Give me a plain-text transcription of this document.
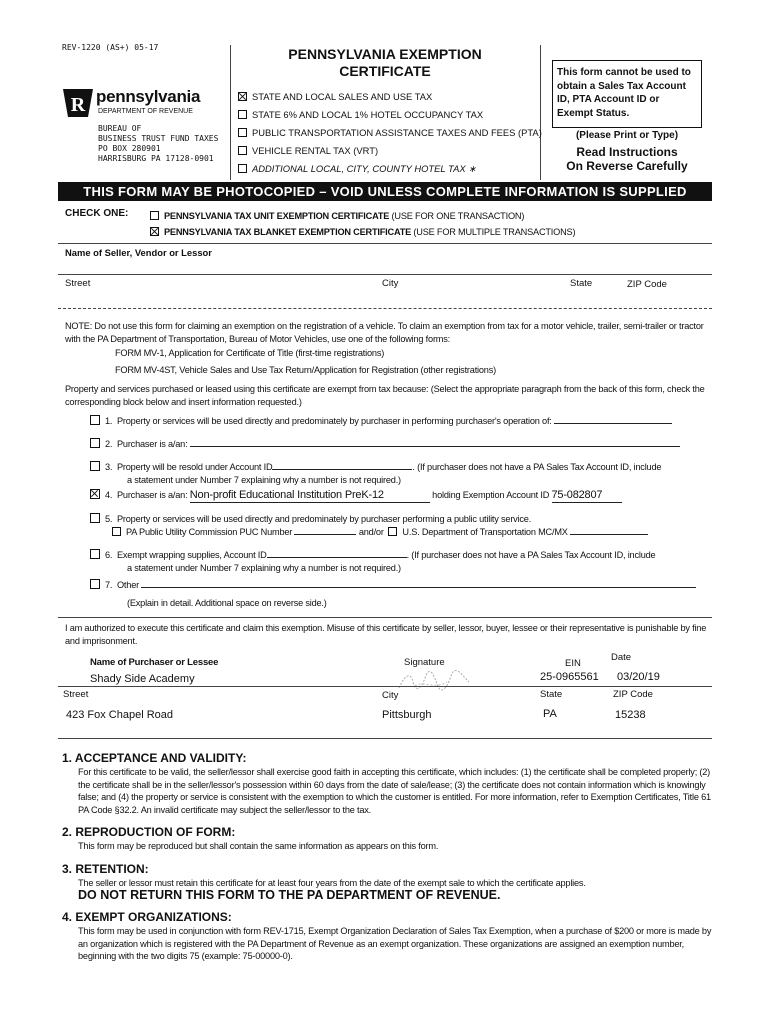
REV-1220 (AS+) 05-17
R pennsylvania
DEPARTMENT OF REVENUE
BUREAU OF
BUSINESS TRUST FUND TAXES
PO BOX 280901
HARRISBURG PA 17128-0901
PENNSYLVANIA EXEMPTION
CERTIFICATE
STATE AND LOCAL SALES AND USE TAX
STATE 6% AND LOCAL 1% HOTEL OCCUPANCY TAX
PUBLIC TRANSPORTATION ASSISTANCE TAXES AND FEES (PTA)
VEHICLE RENTAL TAX (VRT)
ADDITIONAL LOCAL, CITY, COUNTY HOTEL TAX ∗
This form cannot be used to obtain a Sales Tax Account ID, PTA Account ID or Exempt Status.
(Please Print or Type)
Read Instructions
On Reverse Carefully
THIS FORM MAY BE PHOTOCOPIED – VOID UNLESS COMPLETE INFORMATION IS SUPPLIED
CHECK ONE:	PENNSYLVANIA TAX UNIT EXEMPTION CERTIFICATE (USE FOR ONE TRANSACTION)
PENNSYLVANIA TAX BLANKET EXEMPTION CERTIFICATE (USE FOR MULTIPLE TRANSACTIONS)
Name of Seller, Vendor or Lessor
Street	City	State	ZIP Code
NOTE: Do not use this form for claiming an exemption on the registration of a vehicle. To claim an exemption from tax for a motor vehicle, trailer, semi-trailer or tractor with the PA Department of Transportation, Bureau of Motor Vehicles, use one of the following forms:
FORM MV-1, Application for Certificate of Title (first-time registrations)
FORM MV-4ST, Vehicle Sales and Use Tax Return/Application for Registration (other registrations)
Property and services purchased or leased using this certificate are exempt from tax because: (Select the appropriate paragraph from the back of this form, check the corresponding block below and insert information requested.)
1. Property or services will be used directly and predominately by purchaser in performing purchaser's operation of:
2. Purchaser is a/an:
3. Property will be resold under Account ID	. (If purchaser does not have a PA Sales Tax Account ID, include
a statement under Number 7 explaining why a number is not required.)
4. Purchaser is a/an: Non-profit Educational Institution PreK-12	holding Exemption Account ID 75-082807
5. Property or services will be used directly and predominately by purchaser performing a public utility service.
PA Public Utility Commission PUC Number	and/or U.S. Department of Transportation MC/MX
6. Exempt wrapping supplies, Account ID	. (If purchaser does not have a PA Sales Tax Account ID, include
a statement under Number 7 explaining why a number is not required.)
7. Other
(Explain in detail. Additional space on reverse side.)
I am authorized to execute this certificate and claim this exemption. Misuse of this certificate by seller, lessor, buyer, lessee or their representative is punishable by fine and imprisonment.
Name of Purchaser or Lessee
Shady Side Academy
Signature	EIN
25-0965561
Date
03/20/19
Street	City	State	ZIP Code
423 Fox Chapel Road	Pittsburgh	PA	15238
1. ACCEPTANCE AND VALIDITY:
For this certificate to be valid, the seller/lessor shall exercise good faith in accepting this certificate, which includes: (1) the certificate shall be completed properly; (2) the certificate shall be in the seller/lessor's possession within 60 days from the date of sale/lease; (3) the certificate does not contain information which is knowingly false; and (4) the property or service is consistent with the exemption to which the customer is entitled. For more information, refer to Exemption Certificates, Title 61 PA Code §32.2. An invalid certificate may subject the seller/lessor to the tax.
2. REPRODUCTION OF FORM:
This form may be reproduced but shall contain the same information as appears on this form.
3. RETENTION:
The seller or lessor must retain this certificate for at least four years from the date of the exempt sale to which the certificate applies.
DO NOT RETURN THIS FORM TO THE PA DEPARTMENT OF REVENUE.
4. EXEMPT ORGANIZATIONS:
This form may be used in conjunction with form REV-1715, Exempt Organization Declaration of Sales Tax Exemption, when a purchase of $200 or more is made by an organization which is registered with the PA Department of Revenue as an exempt organization. These organizations are assigned an exemption number, beginning with the two digits 75 (example: 75-00000-0).
